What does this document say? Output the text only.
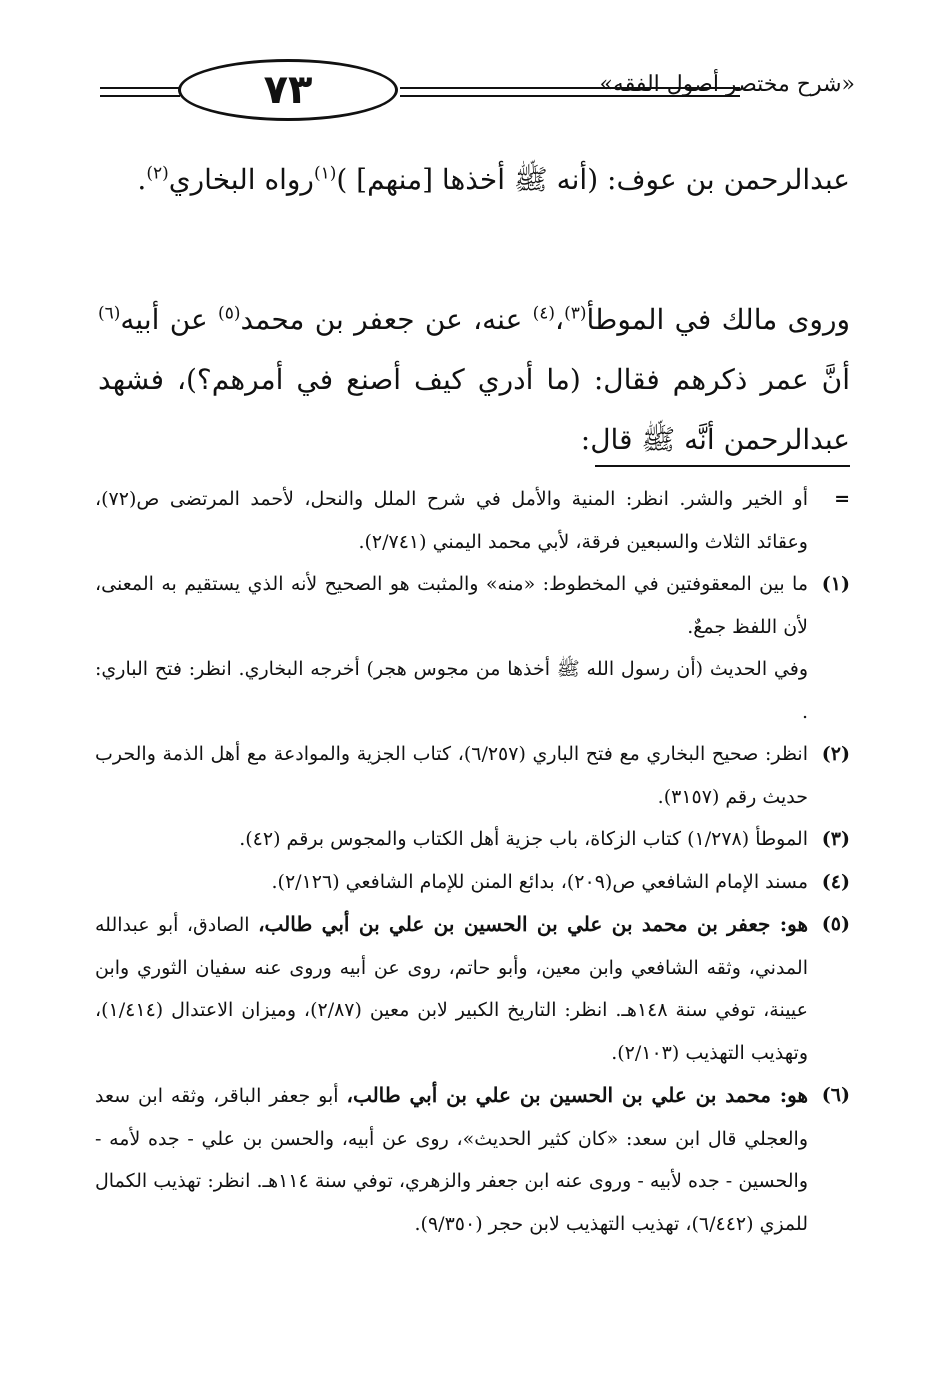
٧٣	«شرح مختصر أصول الفقه»

عبدالرحمن بن عوف: (أنه ﷺ أخذها [منهم] )$^{(١)}$رواه البخاري$^{(٢)}$.

وروى مالك في الموطأ$^{(٣)}$،$^{(٤)}$ عنه، عن جعفر بن محمد$^{(٥)}$ عن أبيه$^{(٦)}$ أنَّ عمر ذكرهم فقال: (ما أدري كيف أصنع في أمرهم؟)، فشهد عبدالرحمن أنَّه ﷺ قال:

=

أو الخير والشر. انظر: المنية والأمل في شرح الملل والنحل، لأحمد المرتضى ص(٧٢)، وعقائد الثلاث والسبعين فرقة، لأبي محمد اليمني (٢/٧٤١).

(١)

ما بين المعقوفتين في المخطوط: «منه» والمثبت هو الصحيح لأنه الذي يستقيم به المعنى، لأن اللفظ جمعٌ.

وفي الحديث (أن رسول الله ﷺ أخذها من مجوس هجر) أخرجه البخاري. انظر: فتح الباري: .

(٢)

انظر: صحيح البخاري مع فتح الباري (٦/٢٥٧)، كتاب الجزية والموادعة مع أهل الذمة والحرب حديث رقم (٣١٥٧).

(٣)

الموطأ (١/٢٧٨) كتاب الزكاة، باب جزية أهل الكتاب والمجوس برقم (٤٢).

(٤)

مسند الإمام الشافعي ص(٢٠٩)، بدائع المنن للإمام الشافعي (٢/١٢٦).

(٥)

هو: جعفر بن محمد بن علي بن الحسين بن علي بن أبي طالب، الصادق، أبو عبدالله المدني، وثقه الشافعي وابن معين، وأبو حاتم، روى عن أبيه وروى عنه سفيان الثوري وابن عيينة، توفي سنة ١٤٨هـ. انظر: التاريخ الكبير لابن معين (٢/٨٧)، وميزان الاعتدال (١/٤١٤)، وتهذيب التهذيب (٢/١٠٣).

(٦)

هو: محمد بن علي بن الحسين بن علي بن أبي طالب، أبو جعفر الباقر، وثقه ابن سعد والعجلي قال ابن سعد: «كان كثير الحديث»، روى عن أبيه، والحسن بن علي - جده لأمه - والحسين - جده لأبيه - وروى عنه ابن جعفر والزهري، توفي سنة ١١٤هـ. انظر: تهذيب الكمال للمزي (٦/٤٤٢)، تهذيب التهذيب لابن حجر (٩/٣٥٠).
